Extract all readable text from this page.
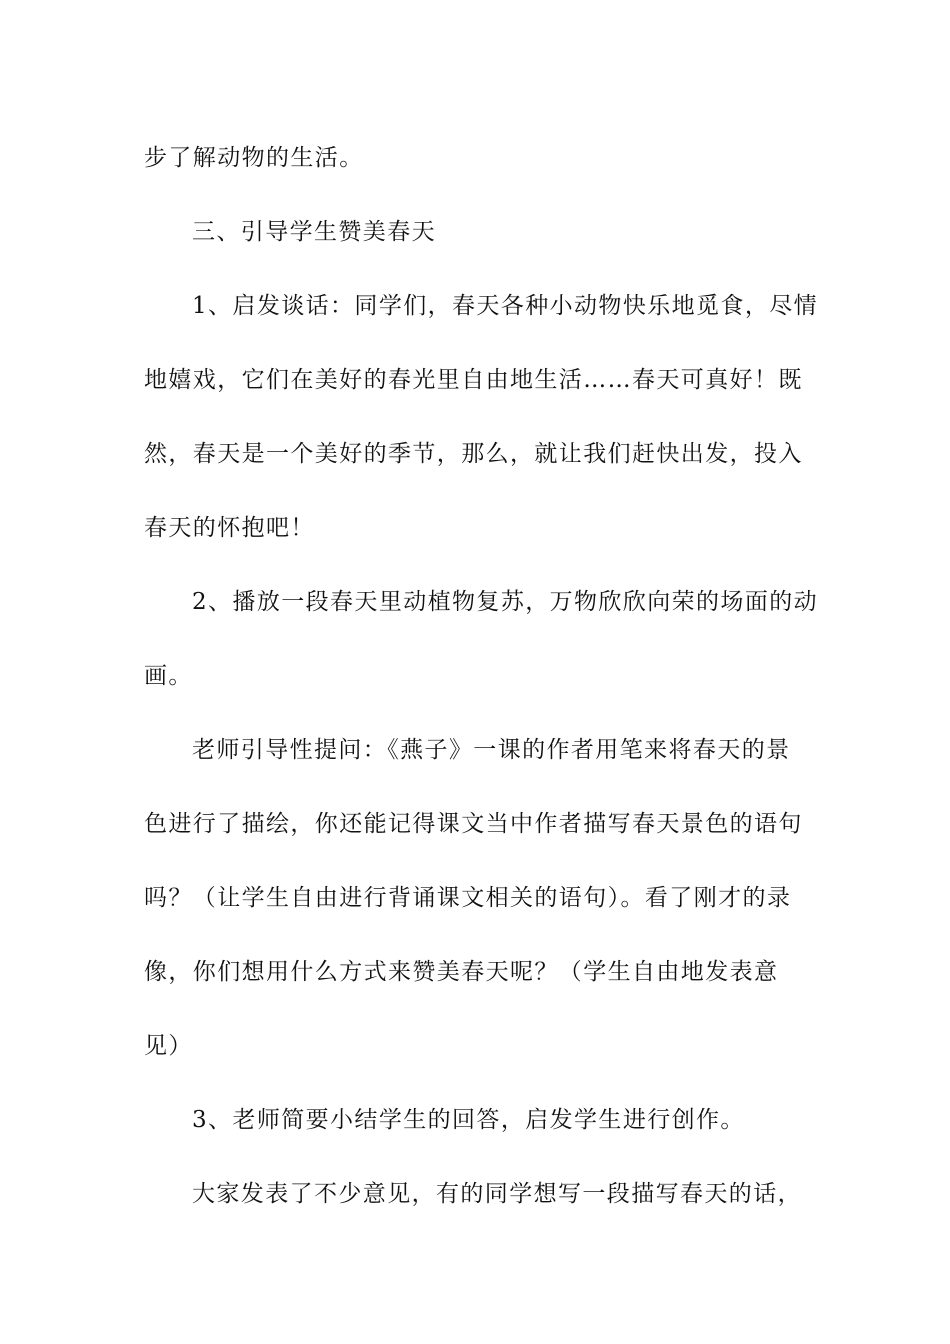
步了解动物的生活。
三、引导学生赞美春天
1、启发谈话：同学们，春天各种小动物快乐地觅食，尽情
地嬉戏，它们在美好的春光里自由地生活……春天可真好！既
然，春天是一个美好的季节，那么，就让我们赶快出发，投入
春天的怀抱吧！
2、播放一段春天里动植物复苏，万物欣欣向荣的场面的动
画。
老师引导性提问：《燕子》一课的作者用笔来将春天的景
色进行了描绘，你还能记得课文当中作者描写春天景色的语句
吗？（让学生自由进行背诵课文相关的语句）。看了刚才的录
像，你们想用什么方式来赞美春天呢？（学生自由地发表意
见）
3、老师简要小结学生的回答，启发学生进行创作。
大家发表了不少意见，有的同学想写一段描写春天的话，
